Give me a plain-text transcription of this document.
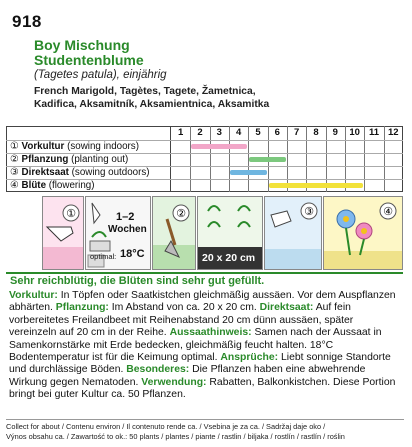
918
Boy Mischung
Studentenblume
(Tagetes patula), einjährig
French Marigold, Tagètes, Tagete, Žametnica,
Kadifica, Aksamitník, Aksamientnica, Aksamitka
1	2	3	4	5	6	7	8	9	10 11 12
① Vorkultur (sowing indoors)
② Pflanzung (planting out)
③ Direktsaat (sowing outdoors)
④ Blüte (flowering)
①	1–2
Wochen
optimal: 18°C
②
20 x 20 cm
③	④
Sehr reichblütig, die Blüten sind sehr gut gefüllt.
Vorkultur: In Töpfen oder Saatkistchen gleichmäßig aussäen. Vor dem Auspflanzen abhärten. Pflanzung: Im Abstand von ca. 20 x 20 cm. Direktsaat: Auf fein vorbereitetes Freilandbeet mit Reihenabstand 20 cm dünn aussäen, später vereinzeln auf 20 cm in der Reihe. Aussaathinweis: Samen nach der Aussaat in Samenkornstärke mit Erde bedecken, gleichmäßig feucht halten. 18°C Bodentemperatur ist für die Keimung optimal. Ansprüche: Liebt sonnige Standorte und durchlässige Böden. Besonderes: Die Pflanzen haben eine abwehrende Wirkung gegen Nematoden. Verwendung: Rabatten, Balkonkistchen. Diese Portion bringt bei guter Kultur ca. 50 Pflanzen.
Collect for about / Contenu environ / Il contenuto rende ca. / Vsebina je za ca. / Sadržaj daje oko /
Výnos obsahu ca. / Zawartość to ok.: 50 plants / plantes / piante / rastlin / biljaka / rostlín / rastlín / roślin
